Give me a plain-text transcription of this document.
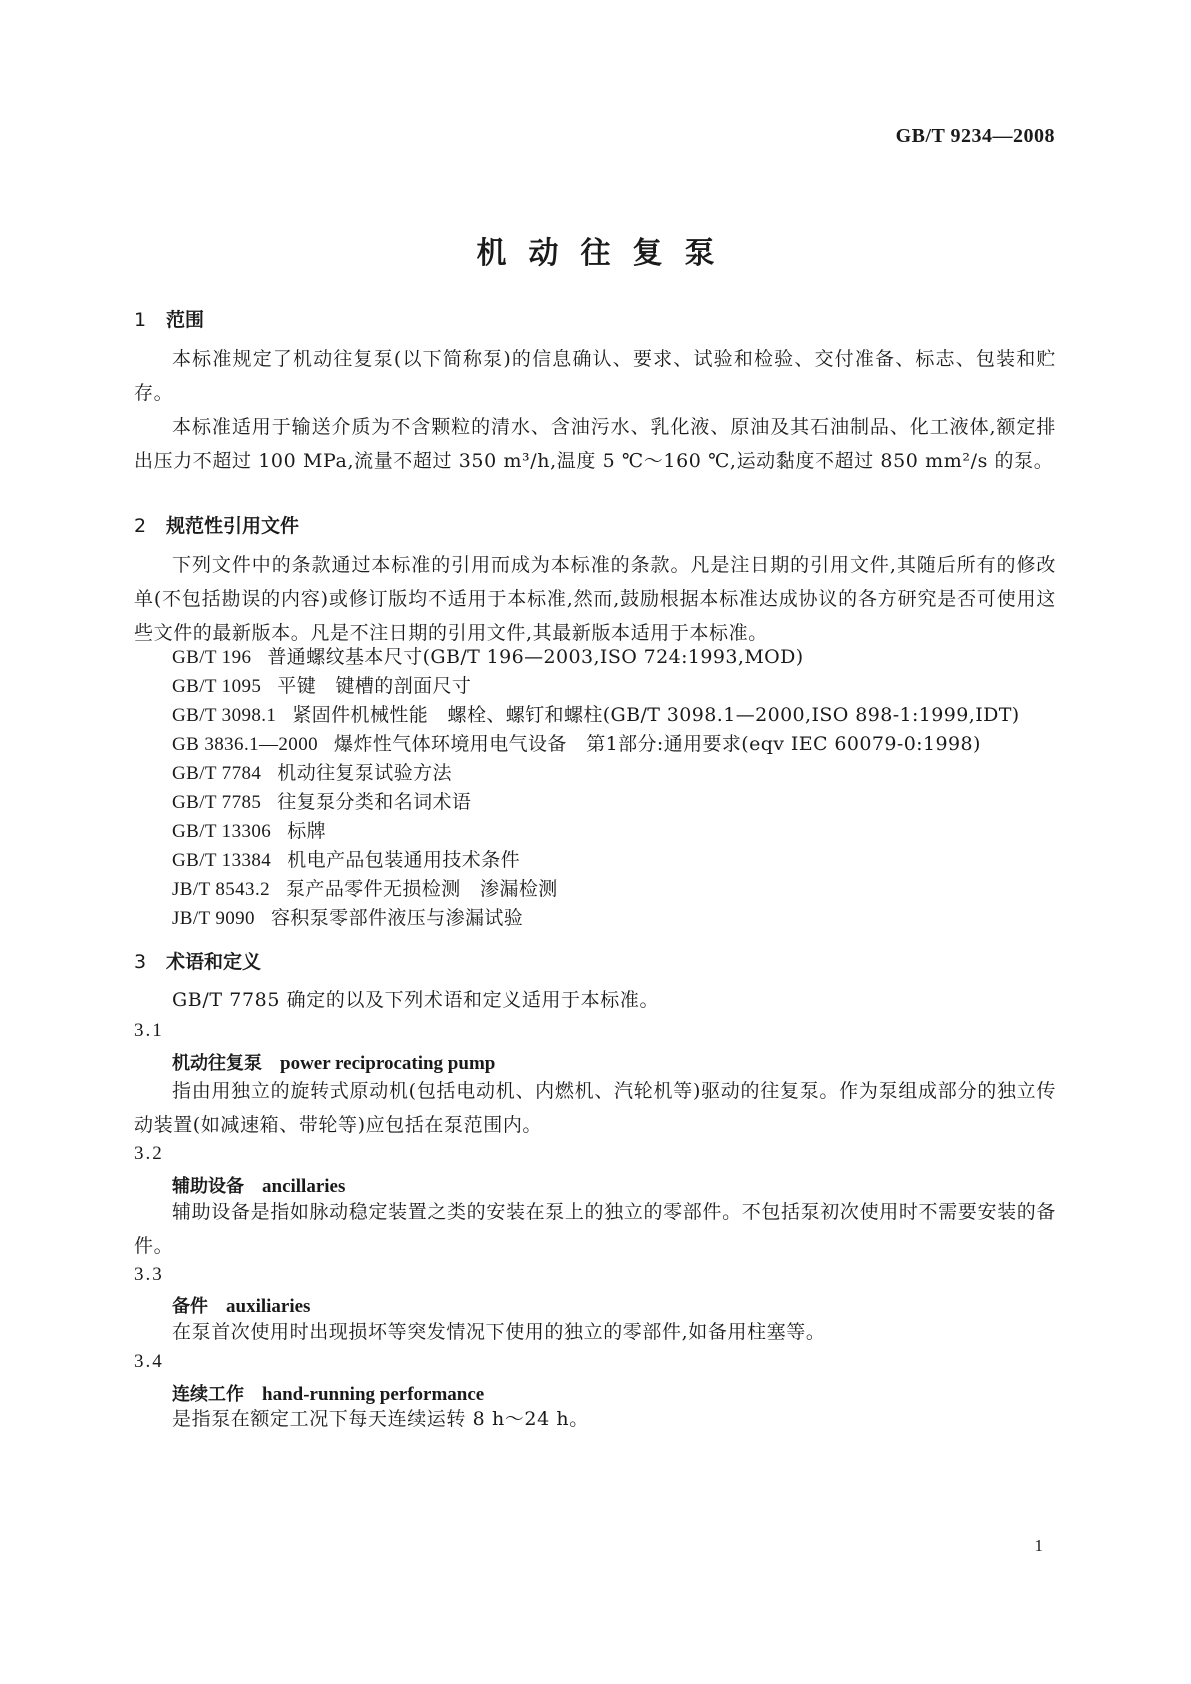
GB/T 9234—2008
机动往复泵
1 范围
本标准规定了机动往复泵(以下简称泵)的信息确认、要求、试验和检验、交付准备、标志、包装和贮存。
本标准适用于输送介质为不含颗粒的清水、含油污水、乳化液、原油及其石油制品、化工液体,额定排出压力不超过 100 MPa,流量不超过 350 m³/h,温度 5 ℃～160 ℃,运动黏度不超过 850 mm²/s 的泵。
2 规范性引用文件
下列文件中的条款通过本标准的引用而成为本标准的条款。凡是注日期的引用文件,其随后所有的修改单(不包括勘误的内容)或修订版均不适用于本标准,然而,鼓励根据本标准达成协议的各方研究是否可使用这些文件的最新版本。凡是不注日期的引用文件,其最新版本适用于本标准。
GB/T 196 普通螺纹基本尺寸(GB/T 196—2003,ISO 724:1993,MOD)
GB/T 1095 平键　键槽的剖面尺寸
GB/T 3098.1 紧固件机械性能　螺栓、螺钉和螺柱(GB/T 3098.1—2000,ISO 898-1:1999,IDT)
GB 3836.1—2000 爆炸性气体环境用电气设备　第1部分:通用要求(eqv IEC 60079-0:1998)
GB/T 7784 机动往复泵试验方法
GB/T 7785 往复泵分类和名词术语
GB/T 13306 标牌
GB/T 13384 机电产品包装通用技术条件
JB/T 8543.2 泵产品零件无损检测　渗漏检测
JB/T 9090 容积泵零部件液压与渗漏试验
3 术语和定义
GB/T 7785 确定的以及下列术语和定义适用于本标准。
3.1
机动往复泵 power reciprocating pump
指由用独立的旋转式原动机(包括电动机、内燃机、汽轮机等)驱动的往复泵。作为泵组成部分的独立传动装置(如减速箱、带轮等)应包括在泵范围内。
3.2
辅助设备 ancillaries
辅助设备是指如脉动稳定装置之类的安装在泵上的独立的零部件。不包括泵初次使用时不需要安装的备件。
3.3
备件 auxiliaries
在泵首次使用时出现损坏等突发情况下使用的独立的零部件,如备用柱塞等。
3.4
连续工作 hand-running performance
是指泵在额定工况下每天连续运转 8 h～24 h。
1
